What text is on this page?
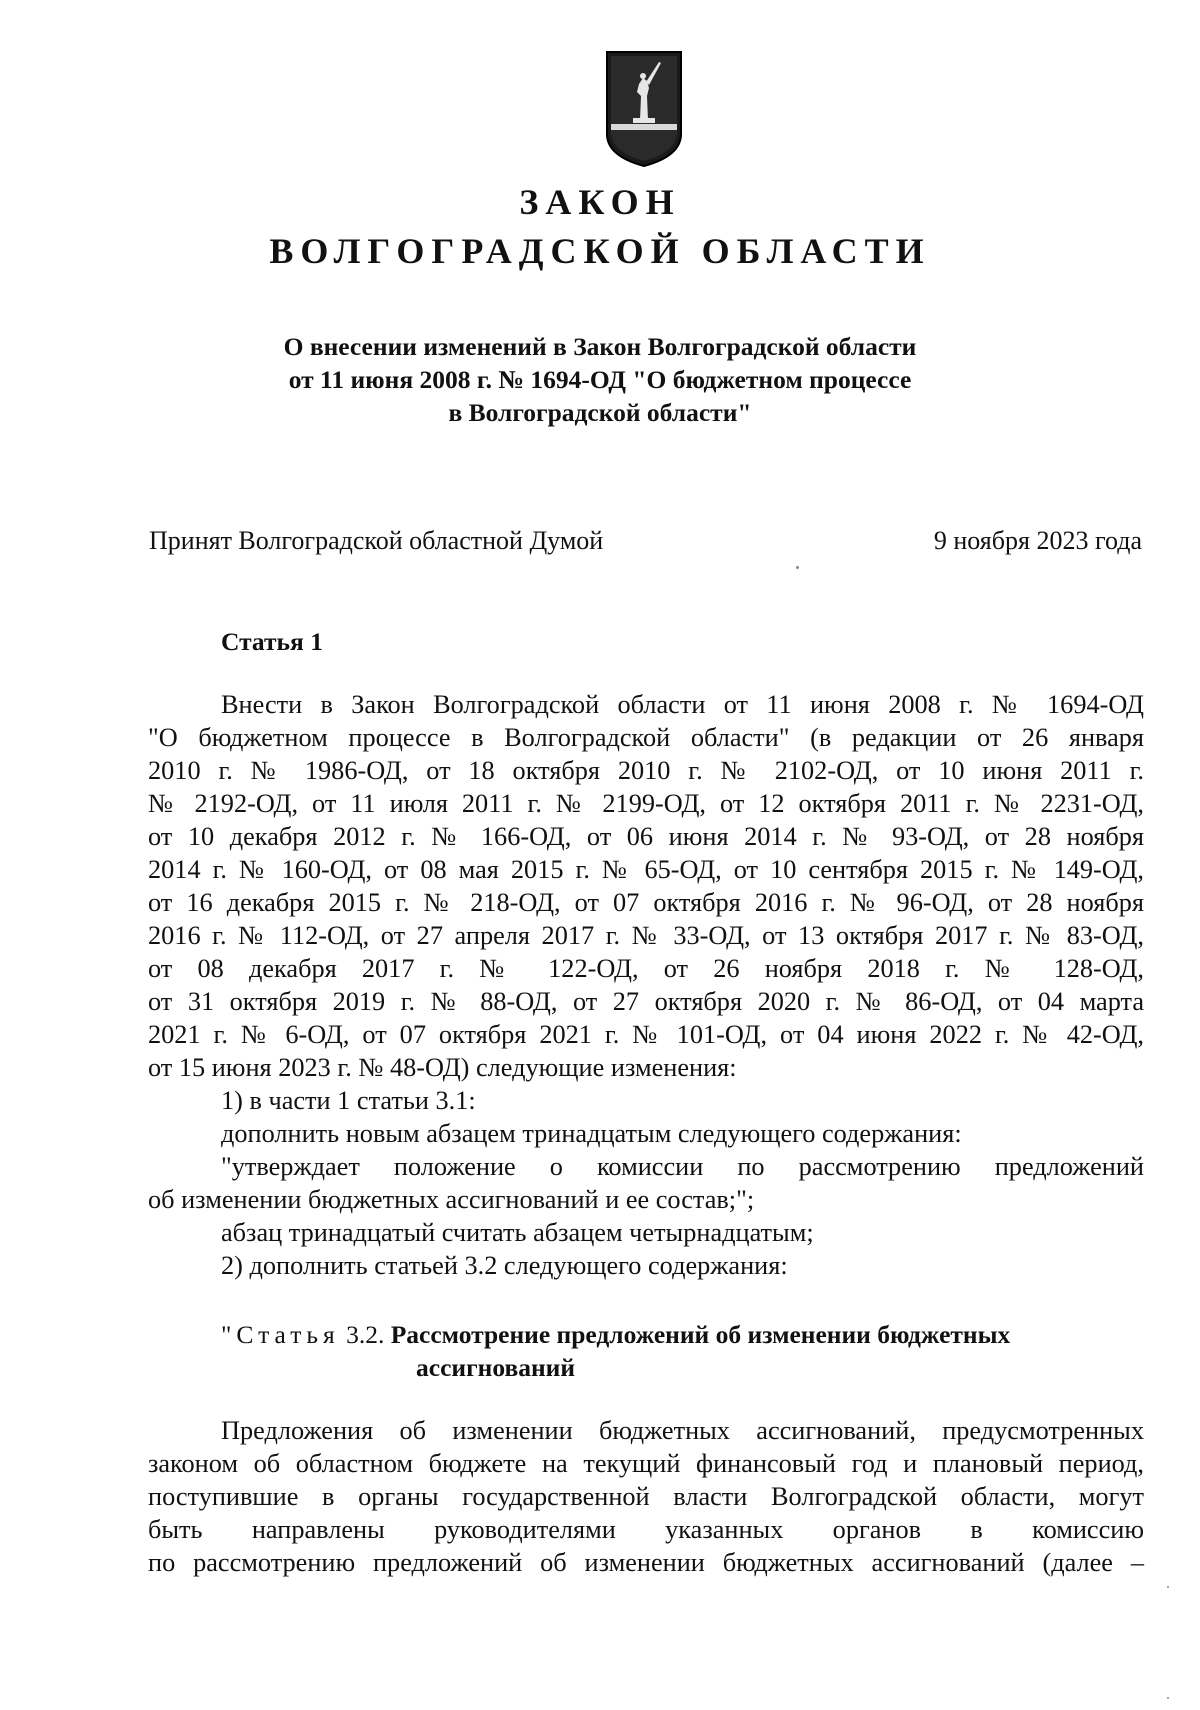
ЗАКОН
ВОЛГОГРАДСКОЙ ОБЛАСТИ
О внесении изменений в Закон Волгоградской области
от 11 июня 2008 г. № 1694-ОД "О бюджетном процессе
в Волгоградской области"
Принят Волгоградской областной Думой	9 ноября 2023 года
Статья 1
Внести в Закон Волгоградской области от 11 июня 2008 г. № 1694-ОД
"О бюджетном процессе в Волгоградской области" (в редакции от 26 января
2010 г. № 1986-ОД, от 18 октября 2010 г. № 2102-ОД, от 10 июня 2011 г.
№ 2192-ОД, от 11 июля 2011 г. № 2199-ОД, от 12 октября 2011 г. № 2231-ОД,
от 10 декабря 2012 г. № 166-ОД, от 06 июня 2014 г. № 93-ОД, от 28 ноября
2014 г. № 160-ОД, от 08 мая 2015 г. № 65-ОД, от 10 сентября 2015 г. № 149-ОД,
от 16 декабря 2015 г. № 218-ОД, от 07 октября 2016 г. № 96-ОД, от 28 ноября
2016 г. № 112-ОД, от 27 апреля 2017 г. № 33-ОД, от 13 октября 2017 г. № 83-ОД,
от 08 декабря 2017 г. № 122-ОД, от 26 ноября 2018 г. № 128-ОД,
от 31 октября 2019 г. № 88-ОД, от 27 октября 2020 г. № 86-ОД, от 04 марта
2021 г. № 6-ОД, от 07 октября 2021 г. № 101-ОД, от 04 июня 2022 г. № 42-ОД,
от 15 июня 2023 г. № 48-ОД) следующие изменения:
1) в части 1 статьи 3.1:
дополнить новым абзацем тринадцатым следующего содержания:
"утверждает положение о комиссии по рассмотрению предложений
об изменении бюджетных ассигнований и ее состав;";
абзац тринадцатый считать абзацем четырнадцатым;
2) дополнить статьей 3.2 следующего содержания:
"Статья 3.2. Рассмотрение предложений об изменении бюджетных
ассигнований
Предложения об изменении бюджетных ассигнований, предусмотренных
законом об областном бюджете на текущий финансовый год и плановый период,
поступившие в органы государственной власти Волгоградской области, могут
быть направлены руководителями указанных органов в комиссию
по рассмотрению предложений об изменении бюджетных ассигнований (далее –
